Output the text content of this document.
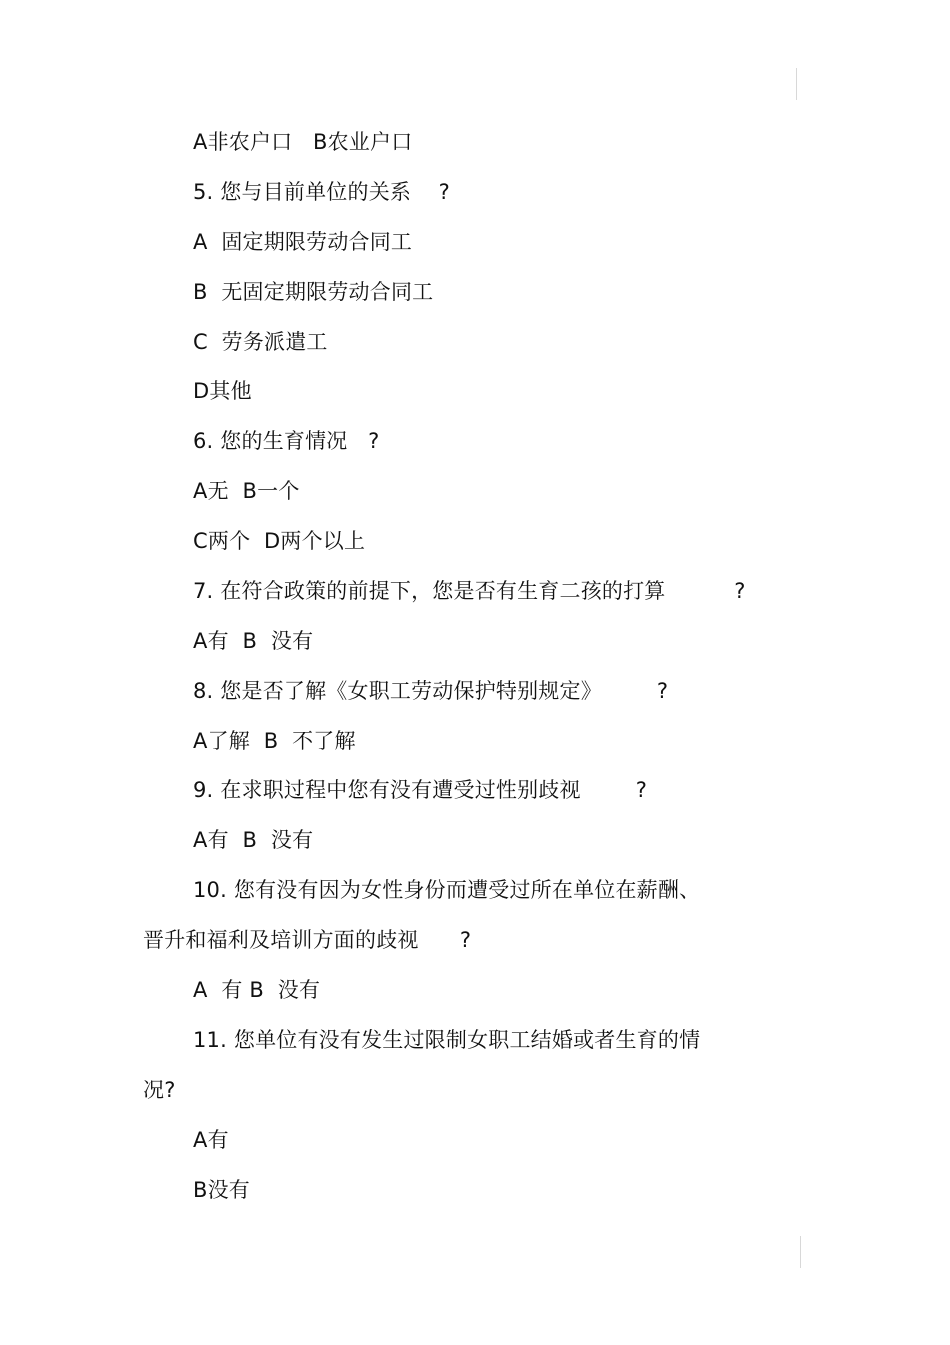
A非农户口   B农业户口
5. 您与目前单位的关系    ?
A  固定期限劳动合同工
B  无固定期限劳动合同工
C  劳务派遣工
D其他
6. 您的生育情况   ?
A无  B一个
C两个  D两个以上
7. 在符合政策的前提下，您是否有生育二孩的打算          ?
A有  B  没有
8. 您是否了解《女职工劳动保护特别规定》        ?
A了解  B  不了解
9. 在求职过程中您有没有遭受过性别歧视        ?
A有  B  没有
10. 您有没有因为女性身份而遭受过所在单位在薪酬、
晋升和福利及培训方面的歧视      ?
A  有 B  没有
11. 您单位有没有发生过限制女职工结婚或者生育的情
况?
A有
B没有
